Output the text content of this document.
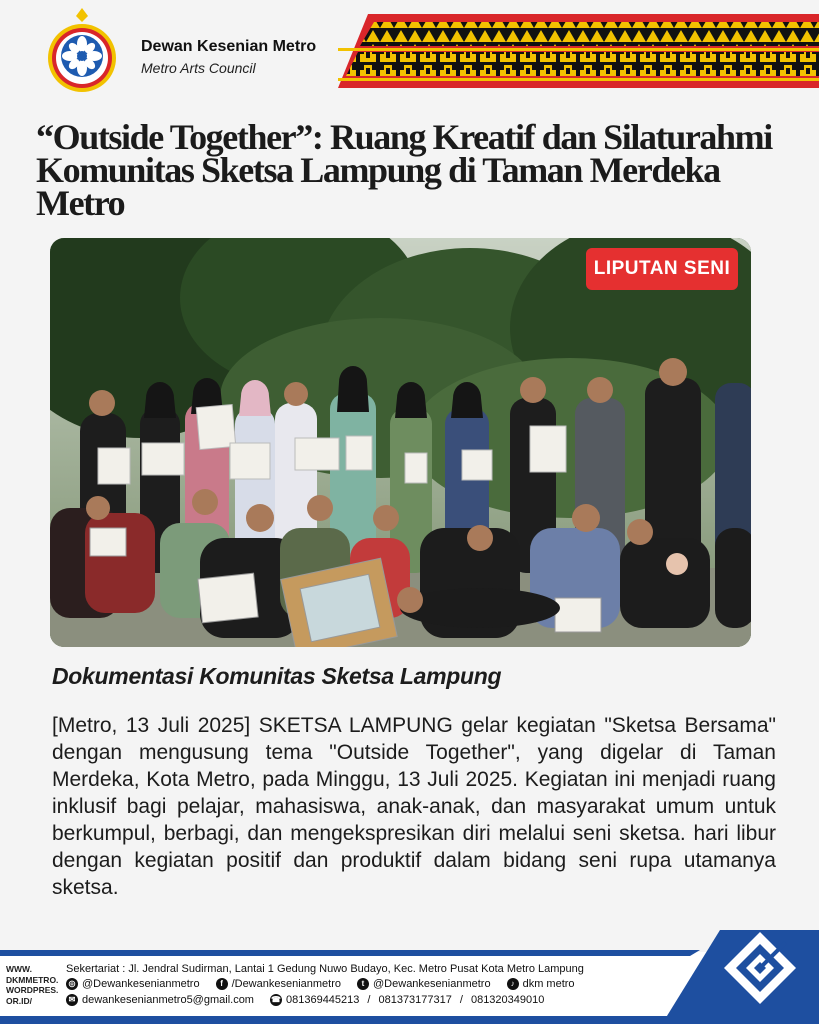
Dewan Kesenian Metro
Metro Arts Council
“Outside Together”: Ruang Kreatif dan Silaturahmi Komunitas Sketsa Lampung di Taman Merdeka Metro
LIPUTAN SENI
Dokumentasi Komunitas Sketsa Lampung

[Metro, 13 Juli 2025] SKETSA LAMPUNG gelar kegiatan "Sketsa Bersama" dengan mengusung tema "Outside Together", yang digelar di Taman Merdeka, Kota Metro, pada Minggu, 13 Juli 2025. Kegiatan ini menjadi ruang inklusif bagi pelajar, mahasiswa, anak-anak, dan masyarakat umum untuk berkumpul, berbagi, dan mengekspresikan diri melalui seni sketsa. hari libur dengan kegiatan positif dan produktif dalam bidang seni rupa utamanya sketsa.

WWW.
DKMMETRO.
WORDPRES.
OR.ID/
Sekertariat : Jl. Jendral Sudirman, Lantai 1 Gedung Nuwo Budayo, Kec. Metro Pusat Kota Metro Lampung
◎ @Dewankesenianmetro	f /Dewankesenianmetro	t @Dewankesenianmetro	♪ dkm metro
✉ dewankesenianmetro5@gmail.com ☎ 081369445213 / 081373177317 / 081320349010
